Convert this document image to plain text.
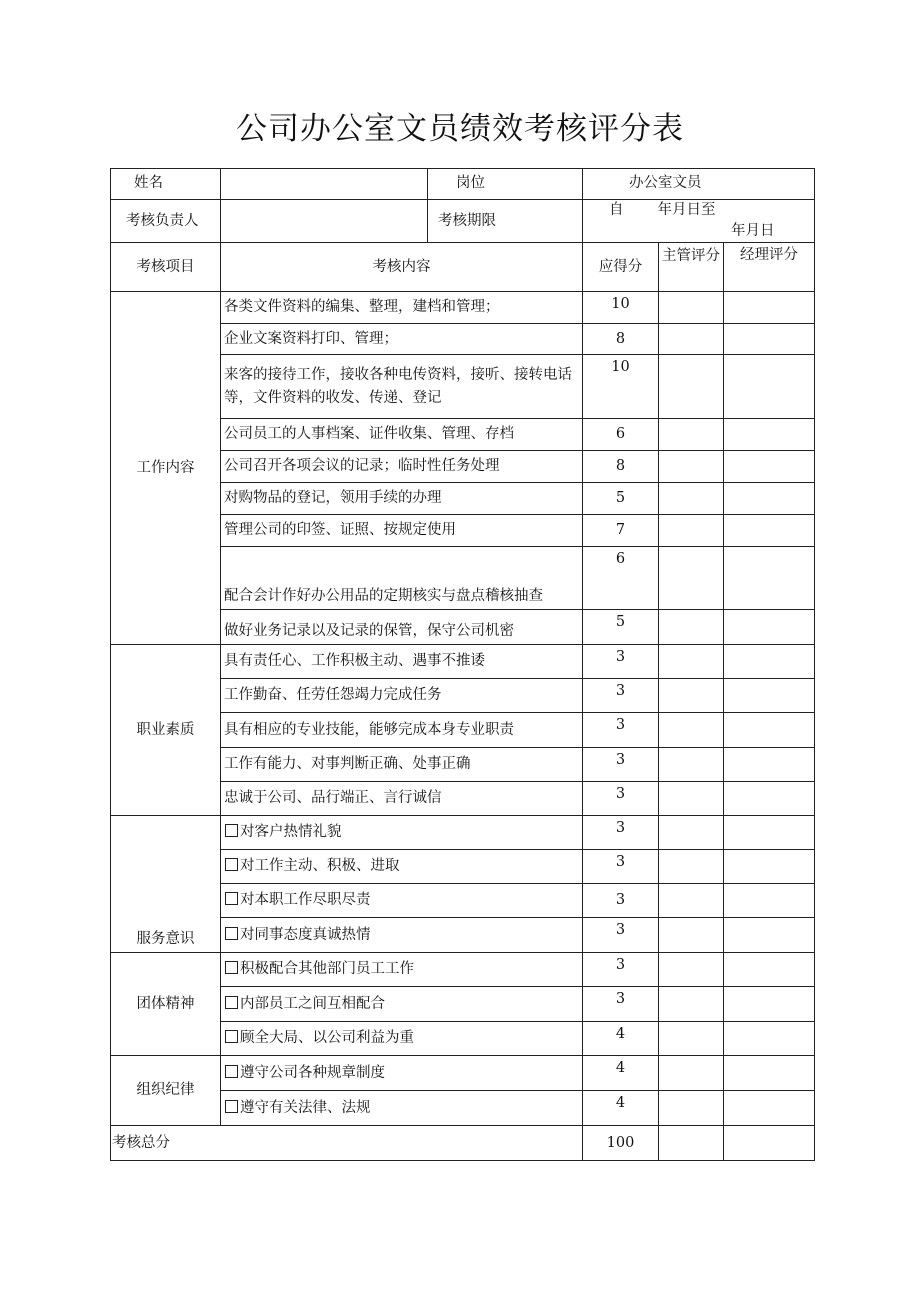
公司办公室文员绩效考核评分表
姓名		岗位	办公室文员		
考核负责人		考核期限	自 年月日至年月日		
考核项目	考核内容		应得分	主管评分	经理评分
工作内容	各类文件资料的编集、整理，建档和管理；		10		
	企业文案资料打印、管理；		8		
	来客的接待工作，接收各种电传资料，接听、接转电话等，文件资料的收发、传递、登记		10		
	公司员工的人事档案、证件收集、管理、存档		6		
	公司召开各项会议的记录；临时性任务处理		8		
	对购物品的登记，领用手续的办理		5		
	管理公司的印签、证照、按规定使用		7		
	配合会计作好办公用品的定期核实与盘点稽核抽查		6		
	做好业务记录以及记录的保管，保守公司机密		5		
职业素质	具有责任心、工作积极主动、遇事不推诿		3		
	工作勤奋、任劳任怨竭力完成任务		3		
	具有相应的专业技能，能够完成本身专业职责		3		
	工作有能力、对事判断正确、处事正确		3		
	忠诚于公司、品行端正、言行诚信		3		
服务意识	对客户热情礼貌		3		
	对工作主动、积极、进取		3		
	对本职工作尽职尽责		3		
	对同事态度真诚热情		3		
团体精神	积极配合其他部门员工工作		3		
	内部员工之间互相配合		3		
	顾全大局、以公司利益为重		4		
组织纪律	遵守公司各种规章制度		4		
	遵守有关法律、法规		4		
考核总分			100		
